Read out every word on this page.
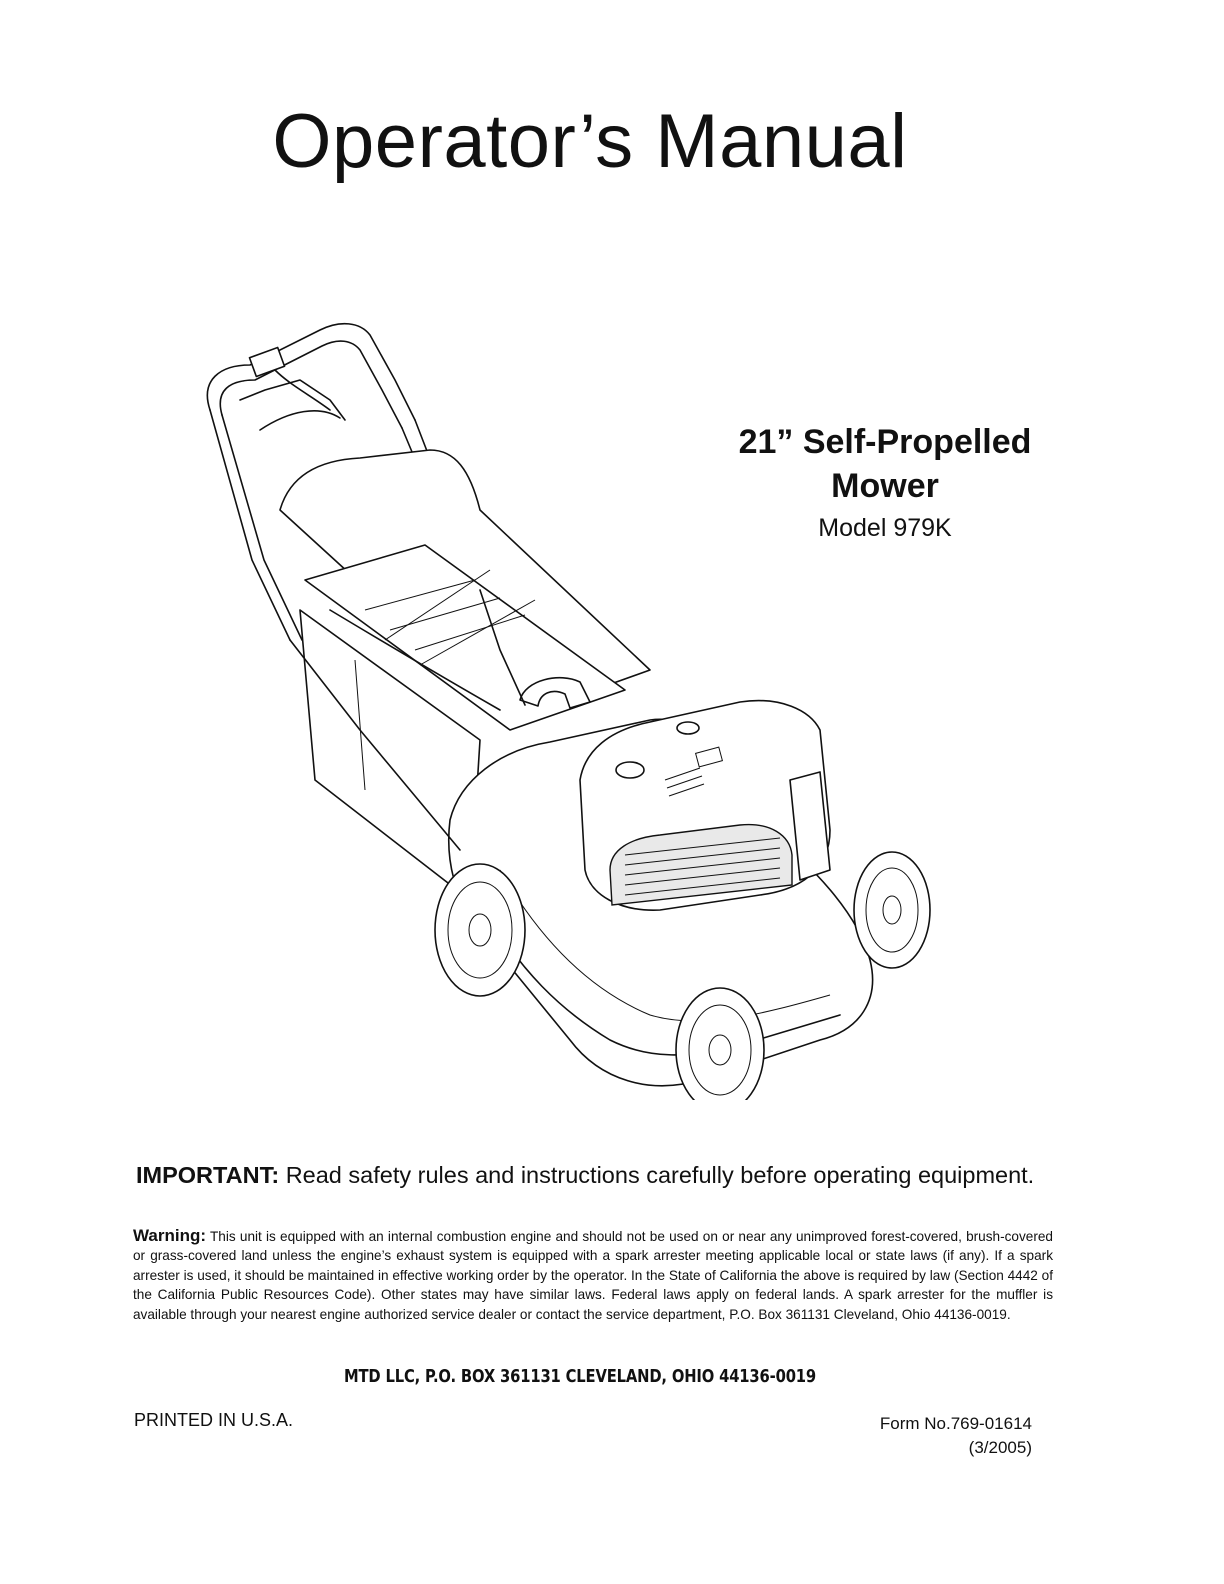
Operator’s Manual

21” Self-Propelled

Mower

Model 979K
IMPORTANT: Read safety rules and instructions carefully before operating equipment.
Warning: This unit is equipped with an internal combustion engine and should not be used on or near any unimproved forest-covered, brush-covered or grass-covered land unless the engine’s exhaust system is equipped with a spark arrester meeting applicable local or state laws (if any). If a spark arrester is used, it should be maintained in effective working order by the operator. In the State of California the above is required by law (Section 4442 of the California Public Resources Code). Other states may have similar laws. Federal laws apply on federal lands. A spark arrester for the muffler is available through your nearest engine authorized service dealer or contact the service department, P.O. Box 361131 Cleveland, Ohio 44136-0019.
MTD LLC, P.O. BOX 361131 CLEVELAND, OHIO 44136-0019
PRINTED IN U.S.A.	Form No.769-01614
(3/2005)
